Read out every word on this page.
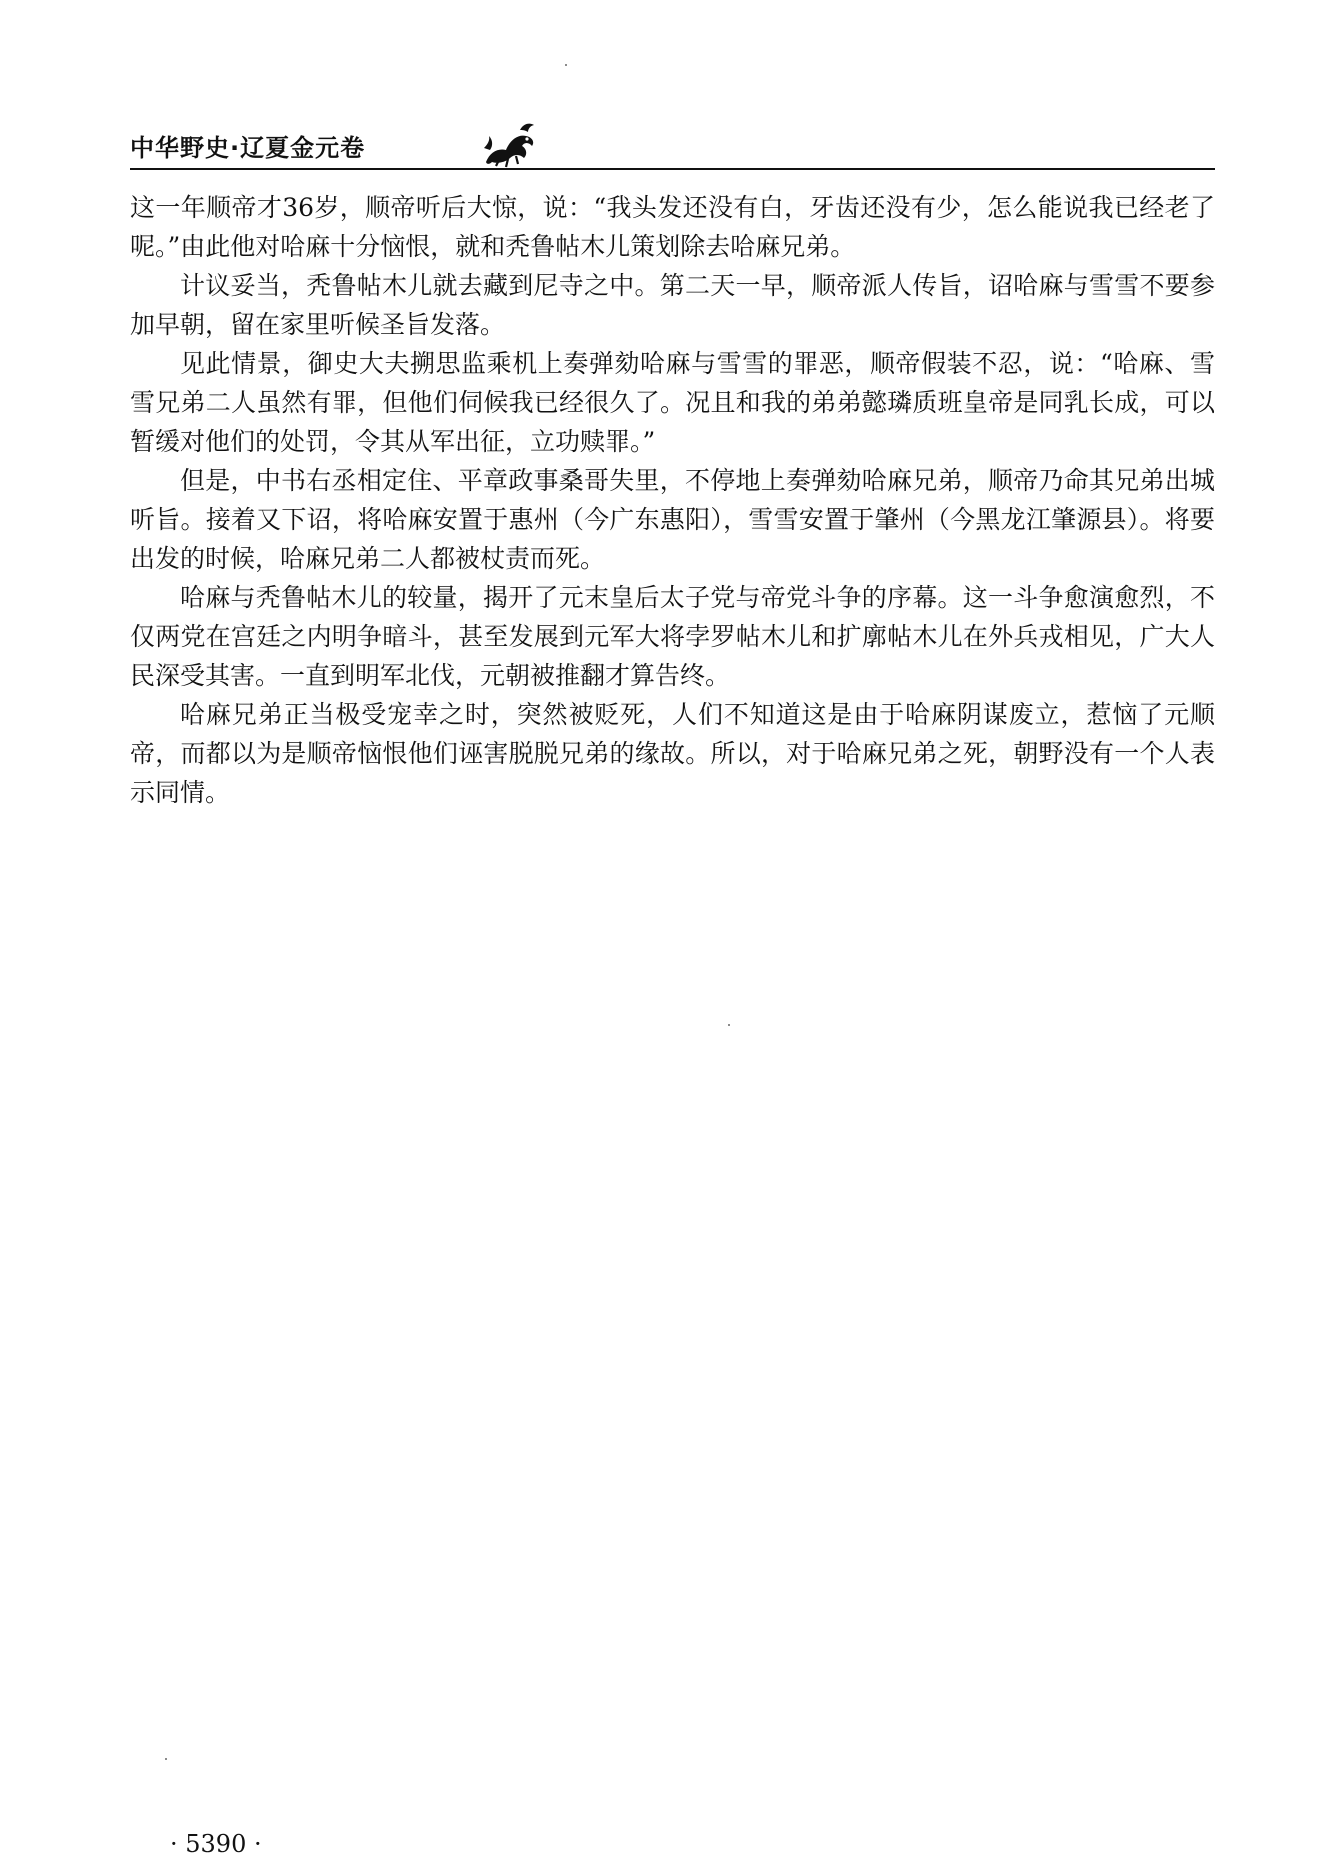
中华野史·辽夏金元卷

这一年顺帝才36岁，顺帝听后大惊，说：“我头发还没有白，牙齿还没有少，怎么能说我已经老了呢。”由此他对哈麻十分恼恨，就和秃鲁帖木儿策划除去哈麻兄弟。

计议妥当，秃鲁帖木儿就去藏到尼寺之中。第二天一早，顺帝派人传旨，诏哈麻与雪雪不要参加早朝，留在家里听候圣旨发落。

见此情景，御史大夫搠思监乘机上奏弹劾哈麻与雪雪的罪恶，顺帝假装不忍，说：“哈麻、雪雪兄弟二人虽然有罪，但他们伺候我已经很久了。况且和我的弟弟懿璘质班皇帝是同乳长成，可以暂缓对他们的处罚，令其从军出征，立功赎罪。”

但是，中书右丞相定住、平章政事桑哥失里，不停地上奏弹劾哈麻兄弟，顺帝乃命其兄弟出城听旨。接着又下诏，将哈麻安置于惠州（今广东惠阳），雪雪安置于肇州（今黑龙江肇源县）。将要出发的时候，哈麻兄弟二人都被杖责而死。

哈麻与秃鲁帖木儿的较量，揭开了元末皇后太子党与帝党斗争的序幕。这一斗争愈演愈烈，不仅两党在宫廷之内明争暗斗，甚至发展到元军大将孛罗帖木儿和扩廓帖木儿在外兵戎相见，广大人民深受其害。一直到明军北伐，元朝被推翻才算告终。

哈麻兄弟正当极受宠幸之时，突然被贬死，人们不知道这是由于哈麻阴谋废立，惹恼了元顺帝，而都以为是顺帝恼恨他们诬害脱脱兄弟的缘故。所以，对于哈麻兄弟之死，朝野没有一个人表示同情。

· 5390 ·
